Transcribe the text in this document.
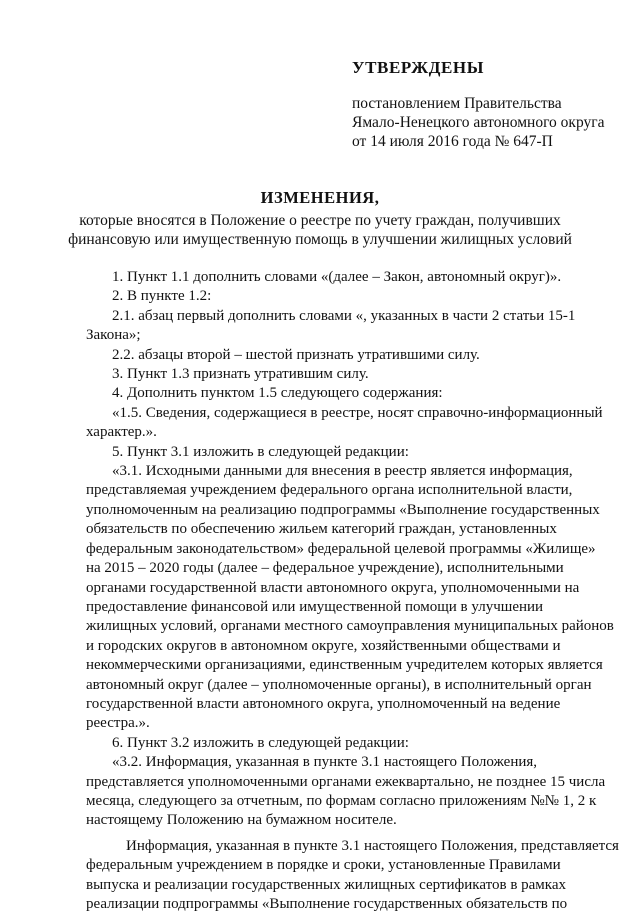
УТВЕРЖДЕНЫ
постановлением Правительства
Ямало-Ненецкого автономного округа
от 14 июля 2016 года № 647-П
ИЗМЕНЕНИЯ,
которые вносятся в Положение о реестре по учету граждан, получивших
финансовую или имущественную помощь в улучшении жилищных условий

1. Пункт 1.1 дополнить словами «(далее – Закон, автономный округ)».

2. В пункте 1.2:

2.1. абзац первый дополнить словами «, указанных в части 2 статьи 15-1

Закона»;

2.2. абзацы второй – шестой признать утратившими силу.

3. Пункт 1.3 признать утратившим силу.

4. Дополнить пунктом 1.5 следующего содержания:

«1.5. Сведения, содержащиеся в реестре, носят справочно-информационный

характер.».

5. Пункт 3.1 изложить в следующей редакции:

«3.1. Исходными данными для внесения в реестр является информация,

представляемая учреждением федерального органа исполнительной власти,

уполномоченным на реализацию подпрограммы «Выполнение государственных

обязательств по обеспечению жильем категорий граждан, установленных

федеральным законодательством» федеральной целевой программы «Жилище»

на 2015 – 2020 годы (далее – федеральное учреждение), исполнительными

органами государственной власти автономного округа, уполномоченными на

предоставление финансовой или имущественной помощи в улучшении

жилищных условий, органами местного самоуправления муниципальных районов

и городских округов в автономном округе, хозяйственными обществами и

некоммерческими организациями, единственным учредителем которых является

автономный округ (далее – уполномоченные органы), в исполнительный орган

государственной власти автономного округа, уполномоченный на ведение

реестра.».

6. Пункт 3.2 изложить в следующей редакции:

«3.2. Информация, указанная в пункте 3.1 настоящего Положения,

представляется уполномоченными органами ежеквартально, не позднее 15 числа

месяца, следующего за отчетным, по формам согласно приложениям №№ 1, 2 к

настоящему Положению на бумажном носителе.

Информация, указанная в пункте 3.1 настоящего Положения, представляется

федеральным учреждением в порядке и сроки, установленные Правилами

выпуска и реализации государственных жилищных сертификатов в рамках

реализации подпрограммы «Выполнение государственных обязательств по
